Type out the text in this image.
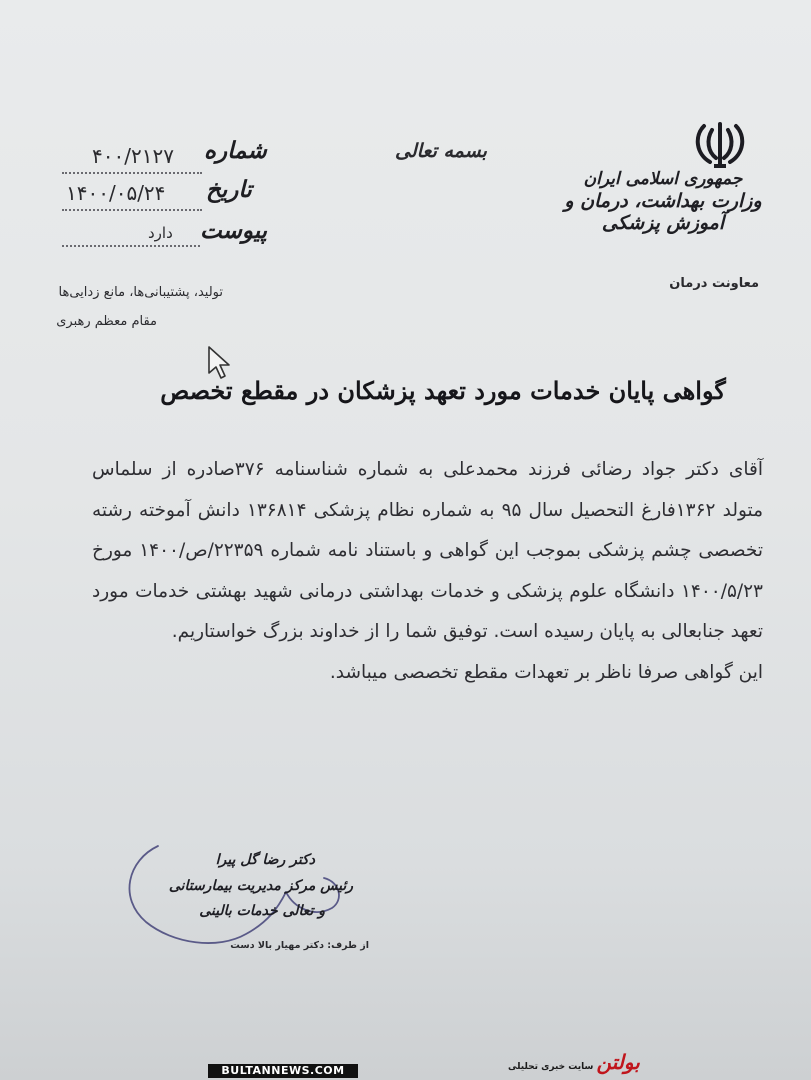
جمهوری اسلامی ایران
وزارت بهداشت، درمان و آموزش پزشکی
معاونت درمان
بسمه تعالی
شماره
۴۰۰/۲۱۲۷
تاریخ
۱۴۰۰/۰۵/۲۴
پیوست
دارد
تولید، پشتیبانی‌ها، مانع زدایی‌ها
مقام معظم رهبری
گواهی پایان خدمات مورد تعهد پزشکان در مقطع تخصص

آقای دکتر جواد رضائی فرزند محمدعلی به شماره شناسنامه ۳۷۶صادره از سلماس متولد ۱۳۶۲فارغ التحصیل سال ۹۵ به شماره نظام پزشکی ۱۳۶۸۱۴ دانش آموخته رشته تخصصی چشم پزشکی بموجب این گواهی و باستناد نامه شماره ۲۲۳۵۹/ص/۱۴۰۰ مورخ ۱۴۰۰/۵/۲۳ دانشگاه علوم پزشکی و خدمات بهداشتی درمانی شهید بهشتی خدمات مورد تعهد جنابعالی به پایان رسیده است. توفیق شما را از خداوند بزرگ خواستاریم.

این گواهی صرفا ناظر بر تعهدات مقطع تخصصی میباشد.

دکتر رضا گل پیرا
رئیس مرکز مدیریت بیمارستانی
و تعالی خدمات بالینی
از طرف: دکتر مهیار بالا دست
BULTANNEWS.COM	بولتن سایت خبری تحلیلی
